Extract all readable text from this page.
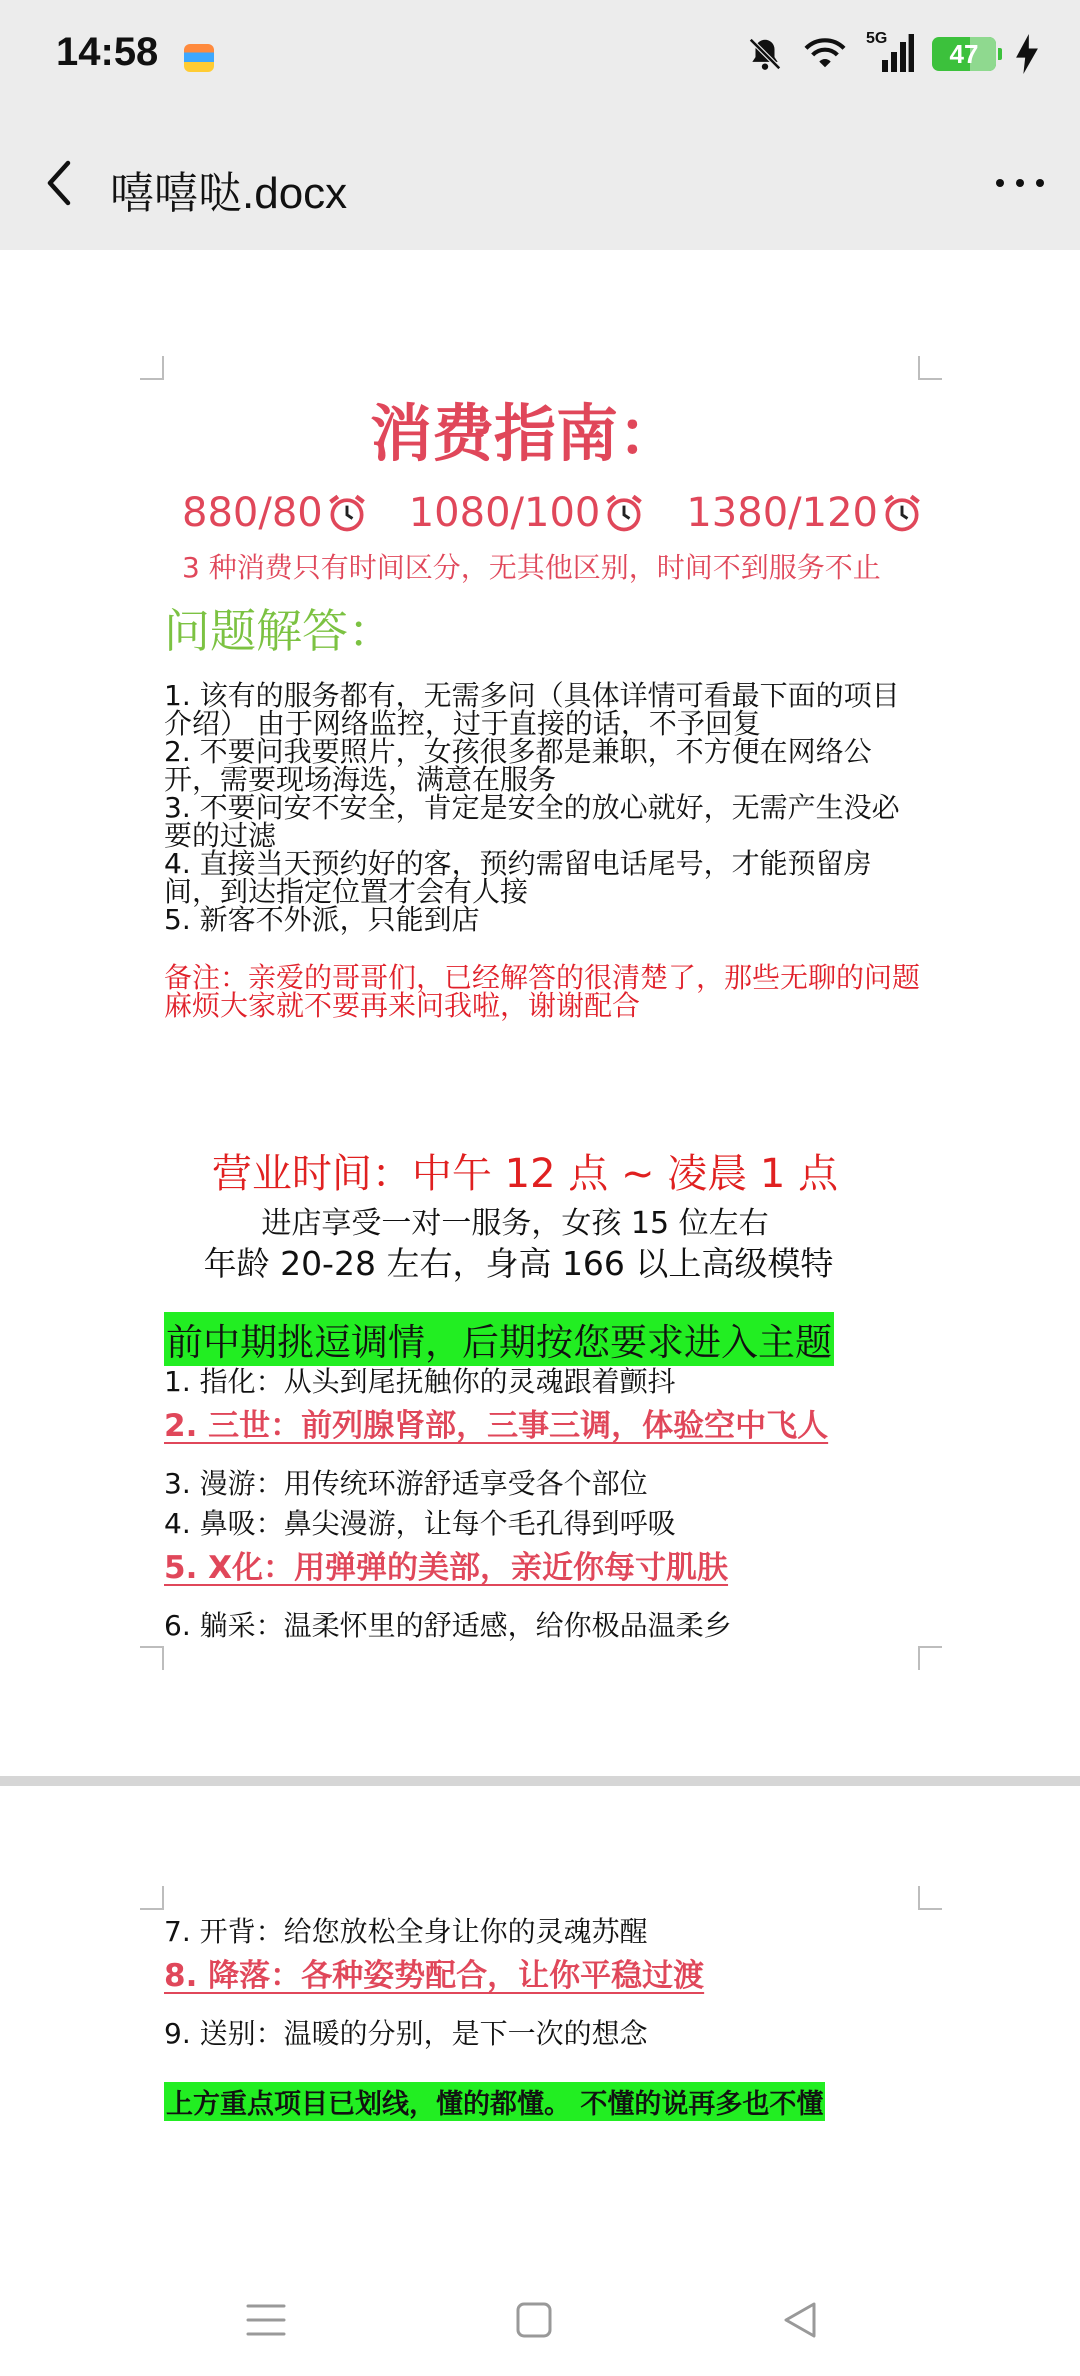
14:58	5G 47
嘻嘻哒.docx
消费指南：
880/80 1080/100 1380/120
3 种消费只有时间区分，无其他区别，时间不到服务不止
问题解答：

1. 该有的服务都有，无需多问（具体详情可看最下面的项目介绍） 由于网络监控，过于直接的话，不予回复

2. 不要问我要照片，女孩很多都是兼职，不方便在网络公开，需要现场海选，满意在服务

3. 不要问安不安全，肯定是安全的放心就好，无需产生没必要的过滤

4. 直接当天预约好的客，预约需留电话尾号，才能预留房间，到达指定位置才会有人接

5. 新客不外派，只能到店

备注：亲爱的哥哥们，已经解答的很清楚了，那些无聊的问题麻烦大家就不要再来问我啦，谢谢配合
营业时间：中午 12 点 ~ 凌晨 1 点
进店享受一对一服务，女孩 15 位左右
年龄 20-28 左右，身高 166 以上高级模特
前中期挑逗调情，后期按您要求进入主题
1. 指化：从头到尾抚触你的灵魂跟着颤抖
2. 三世：前列腺肾部，三事三调，体验空中飞人
3. 漫游：用传统环游舒适享受各个部位
4. 鼻吸：鼻尖漫游，让每个毛孔得到呼吸
5. X化：用弹弹的美部，亲近你每寸肌肤
6. 躺采：温柔怀里的舒适感，给你极品温柔乡
7. 开背：给您放松全身让你的灵魂苏醒
8. 降落：各种姿势配合，让你平稳过渡
9. 送别：温暖的分别，是下一次的想念
上方重点项目已划线，懂的都懂。 不懂的说再多也不懂
